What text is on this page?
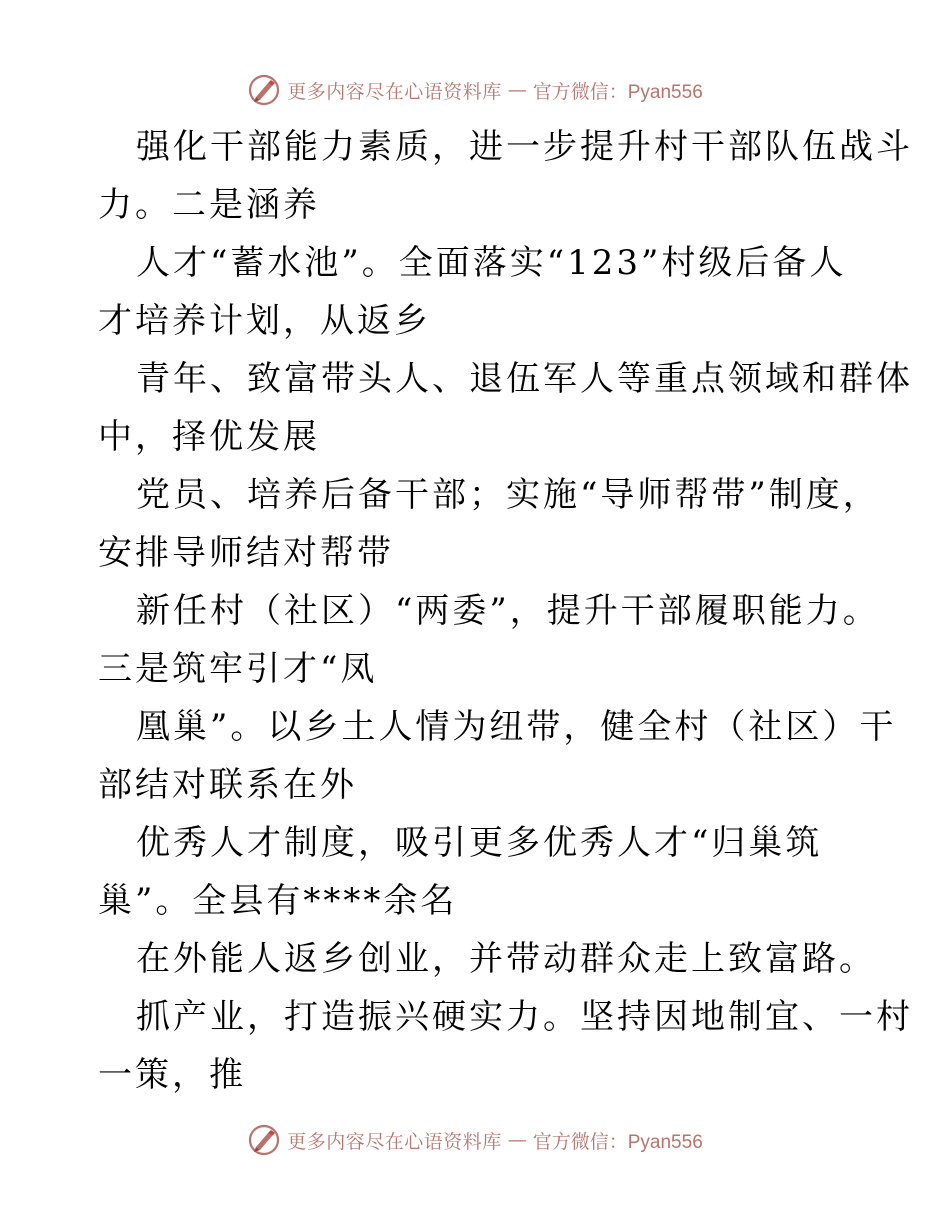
更多内容尽在心语资料库 — 官方微信：Pyan556
强化干部能力素质，进一步提升村干部队伍战斗
力。二是涵养
人才“蓄水池”。全面落实“123”村级后备人
才培养计划，从返乡
青年、致富带头人、退伍军人等重点领域和群体
中，择优发展
党员、培养后备干部；实施“导师帮带”制度，
安排导师结对帮带
新任村（社区）“两委”，提升干部履职能力。
三是筑牢引才“凤
凰巢”。以乡土人情为纽带，健全村（社区）干
部结对联系在外
优秀人才制度，吸引更多优秀人才“归巢筑
巢”。全县有****余名
在外能人返乡创业，并带动群众走上致富路。
抓产业，打造振兴硬实力。坚持因地制宜、一村
一策，推
更多内容尽在心语资料库 — 官方微信：Pyan556
